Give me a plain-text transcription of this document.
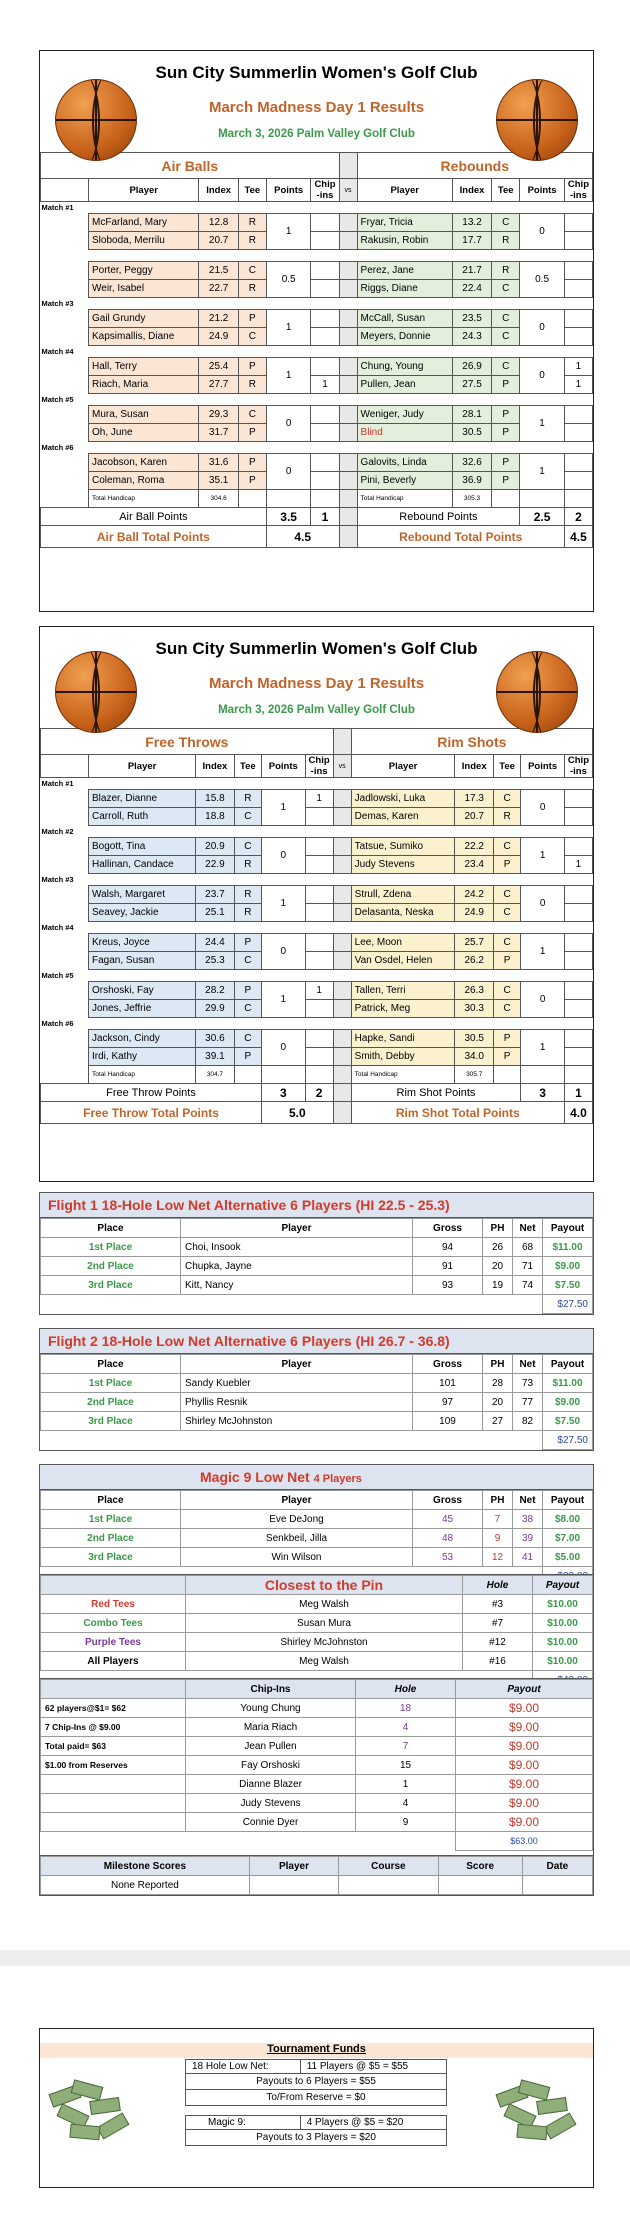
Sun City Summerlin Women's Golf Club
March Madness Day 1 Results
March 3, 2026 Palm Valley Golf Club
Air Balls							Rebounds				
	Player	Index	Tee	Points	Chip -ins	vs	Player	Index	Tee	Points	Chip -ins
Match #1											
	McFarland, Mary	12.8	R	1			Fryar, Tricia	13.2	C	0	
	Sloboda, Merrilu	20.7	R				Rakusin, Robin	17.7	R		

	Porter, Peggy	21.5	C	0.5			Perez, Jane	21.7	R	0.5	
	Weir, Isabel	22.7	R				Riggs, Diane	22.4	C		
Match #3											
	Gail Grundy	21.2	P	1			McCall, Susan	23.5	C	0	
	Kapsimallis, Diane	24.9	C				Meyers, Donnie	24.3	C		
Match #4											
	Hall, Terry	25.4	P	1			Chung, Young	26.9	C	0	1
	Riach, Maria	27.7	R		1		Pullen, Jean	27.5	P		1
Match #5											
	Mura, Susan	29.3	C	0			Weniger, Judy	28.1	P	1	
	Oh, June	31.7	P				Blind	30.5	P		
Match #6											
	Jacobson, Karen	31.6	P	0			Galovits, Linda	32.6	P	1	
	Coleman, Roma	35.1	P				Pini, Beverly	36.9	P		
	Total Handicap	304.6					Total Handicap	305.3			
Air Ball Points				3.5	1		Rebound Points			2.5	2
Air Ball Total Points				4.5			Rebound Total Points				4.5
Sun City Summerlin Women's Golf Club
March Madness Day 1 Results
March 3, 2026 Palm Valley Golf Club
Free Throws							Rim Shots				
	Player	Index	Tee	Points	Chip -ins	vs	Player	Index	Tee	Points	Chip -ins
Match #1											
	Blazer, Dianne	15.8	R	1	1		Jadlowski, Luka	17.3	C	0	
	Carroll, Ruth	18.8	C				Demas, Karen	20.7	R		
Match #2											
	Bogott, Tina	20.9	C	0			Tatsue, Sumiko	22.2	C	1	
	Hallinan, Candace	22.9	R				Judy Stevens	23.4	P		1
Match #3											
	Walsh, Margaret	23.7	R	1			Strull, Zdena	24.2	C	0	
	Seavey, Jackie	25.1	R				Delasanta, Neska	24.9	C		
Match #4											
	Kreus, Joyce	24.4	P	0			Lee, Moon	25.7	C	1	
	Fagan, Susan	25.3	C				Van Osdel, Helen	26.2	P		
Match #5											
	Orshoski, Fay	28.2	P	1	1		Tallen, Terri	26.3	C	0	
	Jones, Jeffrie	29.9	C				Patrick, Meg	30.3	C		
Match #6											
	Jackson, Cindy	30.6	C	0			Hapke, Sandi	30.5	P	1	
	Irdi, Kathy	39.1	P				Smith, Debby	34.0	P		
	Total Handicap	304.7					Total Handicap	305.7			
Free Throw Points				3	2		Rim Shot Points			3	1
Free Throw Total Points				5.0			Rim Shot Total Points				4.0
Flight 1 18-Hole Low Net Alternative 6 Players (HI 22.5 - 25.3)
Place	Player	Gross	PH	Net	Payout
1st Place	Choi, Insook	94	26	68	$11.00
2nd Place	Chupka, Jayne	91	20	71	$9.00
3rd Place	Kitt, Nancy	93	19	74	$7.50
					$27.50
Flight 2 18-Hole Low Net Alternative 6 Players (HI 26.7 - 36.8)
Place	Player	Gross	PH	Net	Payout
1st Place	Sandy Kuebler	101	28	73	$11.00
2nd Place	Phyllis Resnik	97	20	77	$9.00
3rd Place	Shirley McJohnston	109	27	82	$7.50
					$27.50
Magic 9 Low Net 4 Players
Place	Player	Gross	PH	Net	Payout
1st Place	Eve DeJong	45	7	38	$8.00
2nd Place	Senkbeil, Jilla	48	9	39	$7.00
3rd Place	Win Wilson	53	12	41	$5.00

	Closest to the Pin	Hole	Payout
Red Tees	Meg Walsh	#3	$10.00
Combo Tees	Susan Mura	#7	$10.00
Purple Tees	Shirley McJohnston	#12	$10.00
All Players	Meg Walsh	#16	$10.00

	Chip-Ins	Hole	Payout
62 players@$1= $62	Young Chung	18	$9.00
7 Chip-Ins @ $9.00	Maria Riach	4	$9.00
Total paid= $63	Jean Pullen	7	$9.00
$1.00 from Reserves	Fay Orshoski	15	$9.00
	Dianne Blazer	1	$9.00
	Judy Stevens	4	$9.00
	Connie Dyer	9	$9.00
			$63.00

Milestone Scores	Player	Course	Score	Date
None Reported				
Tournament Funds
18 Hole Low Net:	11 Players @ $5 = $55
Payouts to 6 Players = $55	
To/From Reserve = $0	

Magic 9:	4 Players @ $5 = $20
Payouts to 3 Players = $20	
